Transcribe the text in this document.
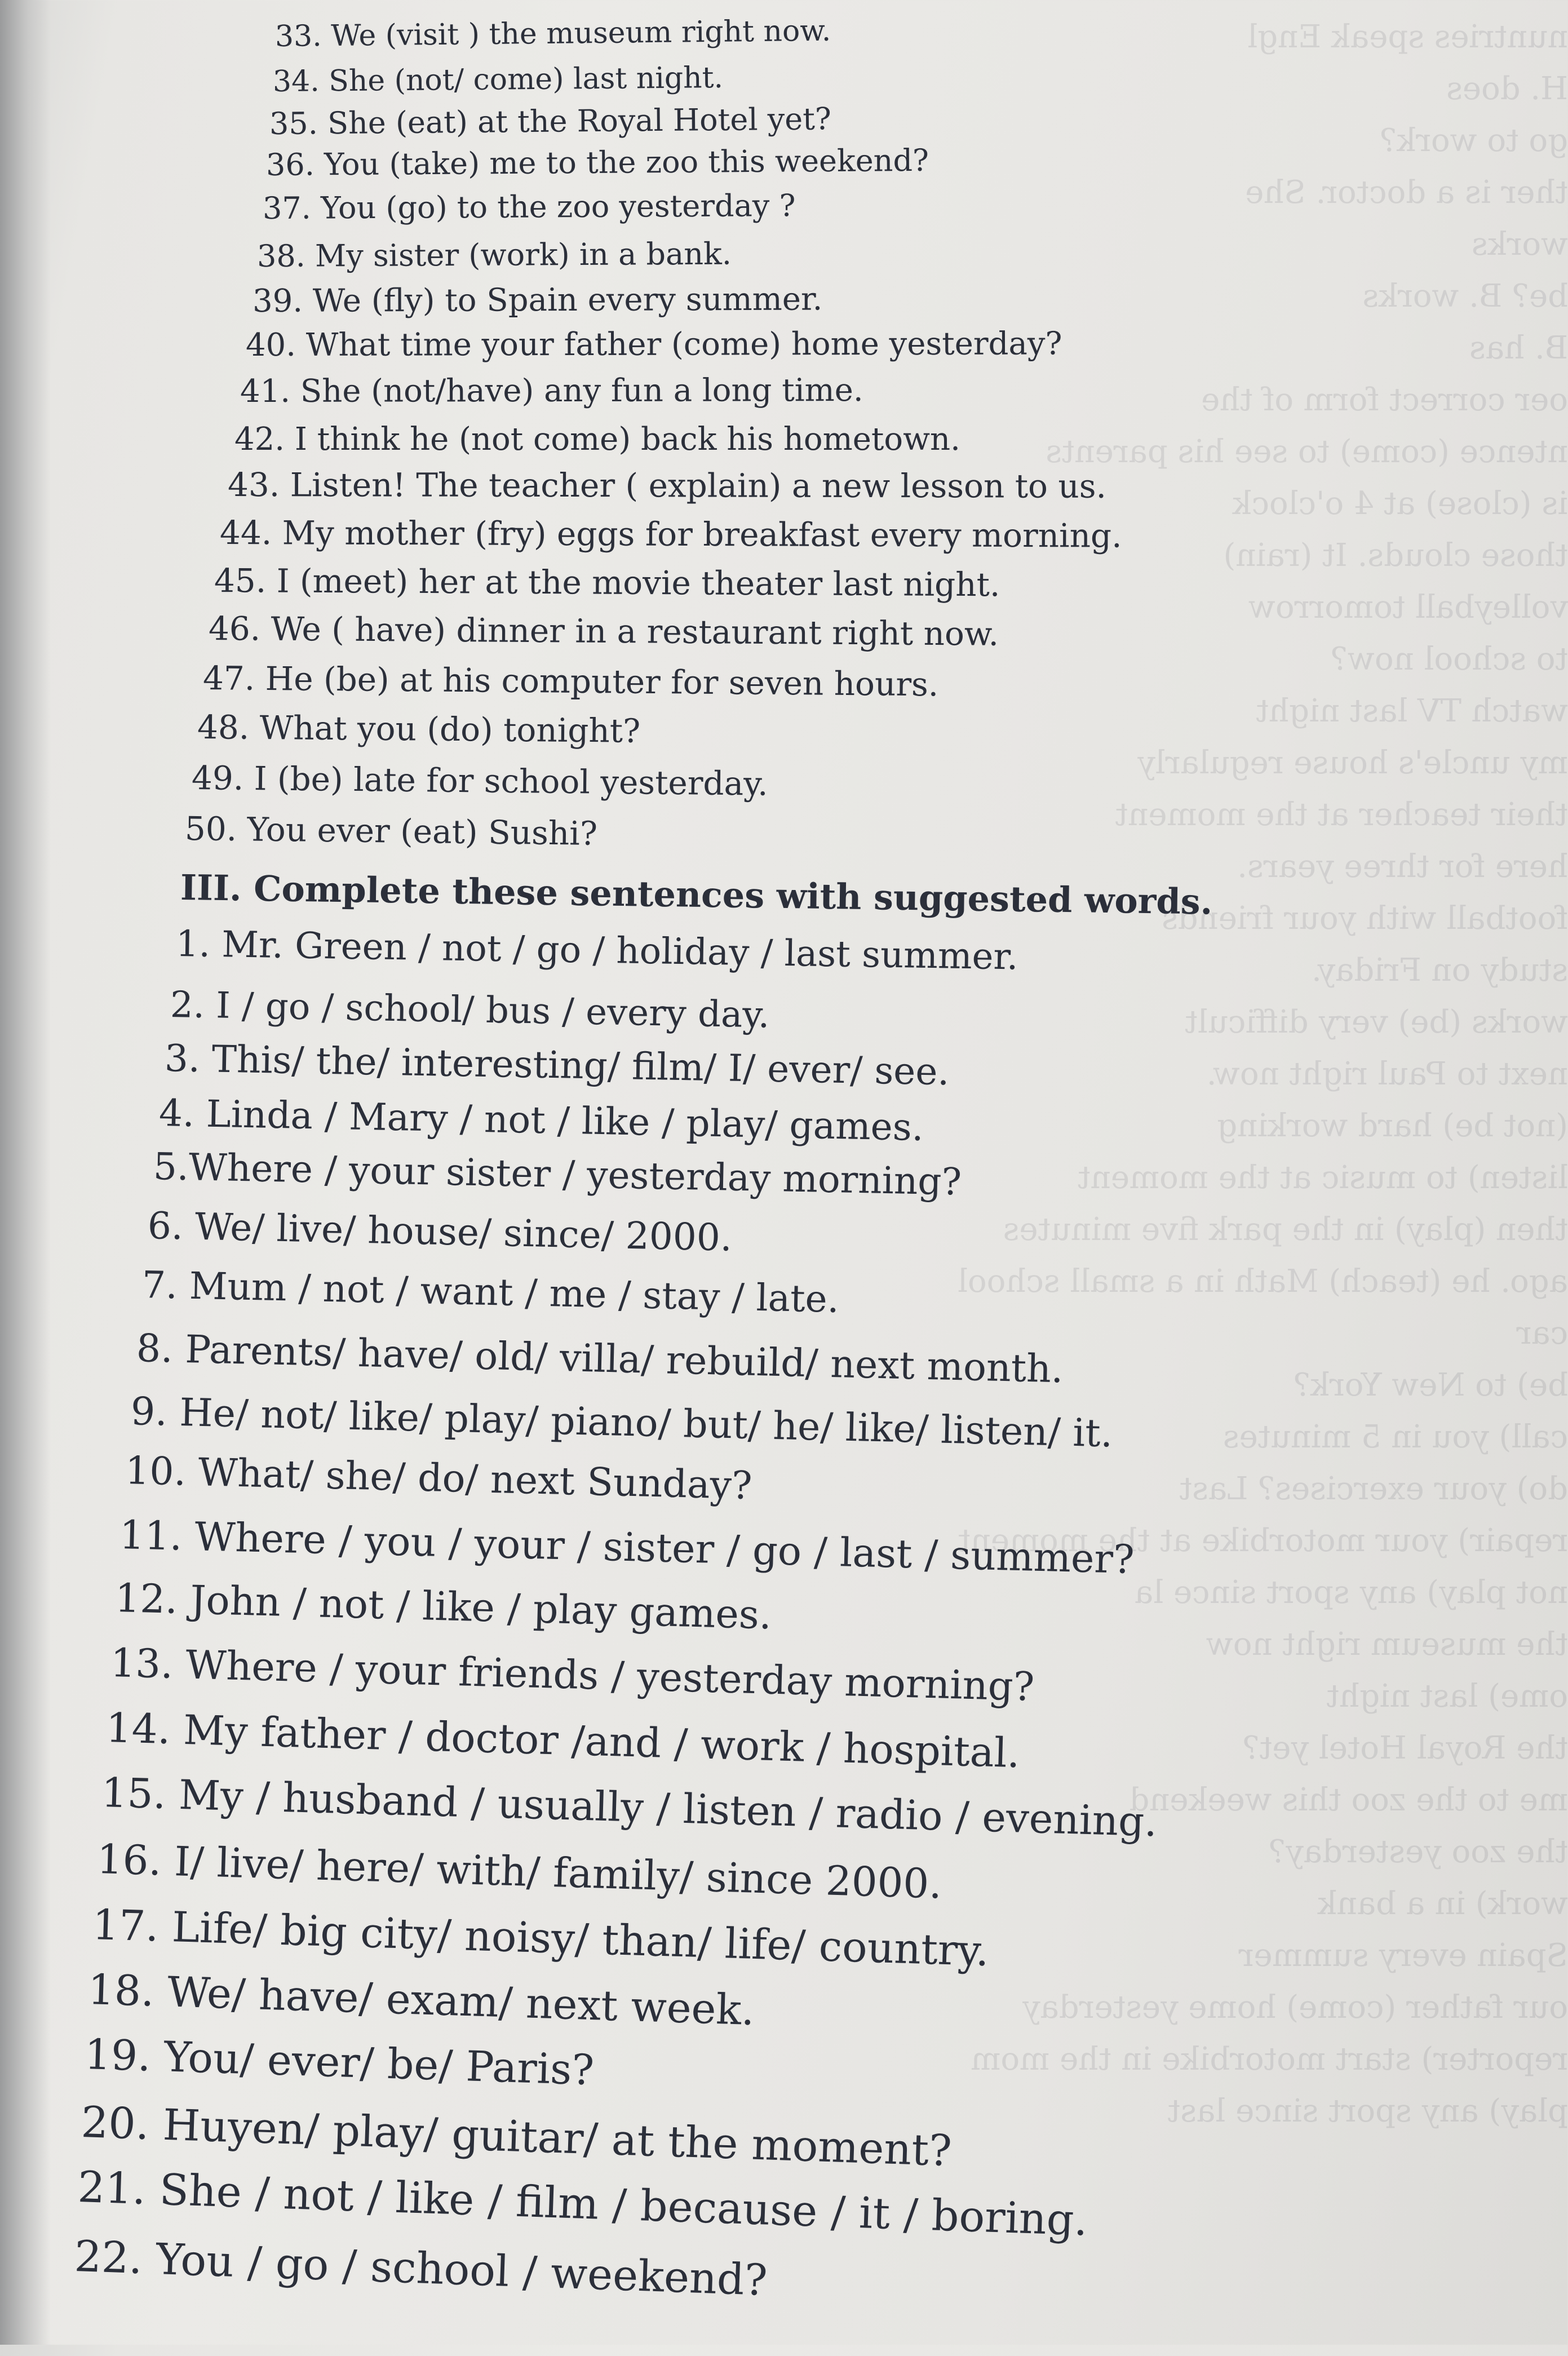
nuntries speak Engl
H. does
go to work?
ther is a doctor. She
works
be? B. works
B. has
oer correct form of the
ntence (come) to see his parents
is (close) at 4 o'clock
those clouds. It (rain)
volleyball tomorrow
to school now?
watch TV last night
my uncle's house regularly
their teacher at the moment
here for three years.
football with your friends
study on Friday.
works (be) very difficult
next to Paul right now.
(not be) hard working
listen) to music at the moment
then (play) in the park five minutes
ago. he (teach) Math in a small school
car
be) to New York?
call) you in 5 minutes
do) your exercises? Last
repair) your motorbike at the moment
not play) any sport since la
the museum right now
ome) last night
the Royal Hotel yet?
me to the zoo this weekend
the zoo yesterday?
work) in a bank
Spain every summer
our father (come) home yesterday
reporter) start motorbike in the mom
play) any sport since last
33. We (visit ) the museum right now.
34. She (not/ come) last night.
35. She (eat) at the Royal Hotel yet?
36. You (take) me to the zoo this weekend?
37. You (go) to the zoo yesterday ?
38. My sister (work) in a bank.
39. We (fly) to Spain every summer.
40. What time your father (come) home yesterday?
41. She (not/have) any fun a long time.
42. I think he (not come) back his hometown.
43. Listen! The teacher ( explain) a new lesson to us.
44. My mother (fry) eggs for breakfast every morning.
45. I (meet) her at the movie theater last night.
46. We ( have) dinner in a restaurant right now.
47. He (be) at his computer for seven hours.
48. What you (do) tonight?
49. I (be) late for school yesterday.
50. You ever (eat) Sushi?
III. Complete these sentences with suggested words.
1. Mr. Green / not / go / holiday / last summer.
2. I / go / school/ bus / every day.
3. This/ the/ interesting/ film/ I/ ever/ see.
4. Linda / Mary / not / like / play/ games.
5.Where / your sister / yesterday morning?
6. We/ live/ house/ since/ 2000.
7. Mum / not / want / me / stay / late.
8. Parents/ have/ old/ villa/ rebuild/ next month.
9. He/ not/ like/ play/ piano/ but/ he/ like/ listen/ it.
10. What/ she/ do/ next Sunday?
11. Where / you / your / sister / go / last / summer?
12. John / not / like / play games.
13. Where / your friends / yesterday morning?
14. My father / doctor /and / work / hospital.
15. My / husband / usually / listen / radio / evening.
16. I/ live/ here/ with/ family/ since 2000.
17. Life/ big city/ noisy/ than/ life/ country.
18. We/ have/ exam/ next week.
19. You/ ever/ be/ Paris?
20. Huyen/ play/ guitar/ at the moment?
21. She / not / like / film / because / it / boring.
22. You / go / school / weekend?
